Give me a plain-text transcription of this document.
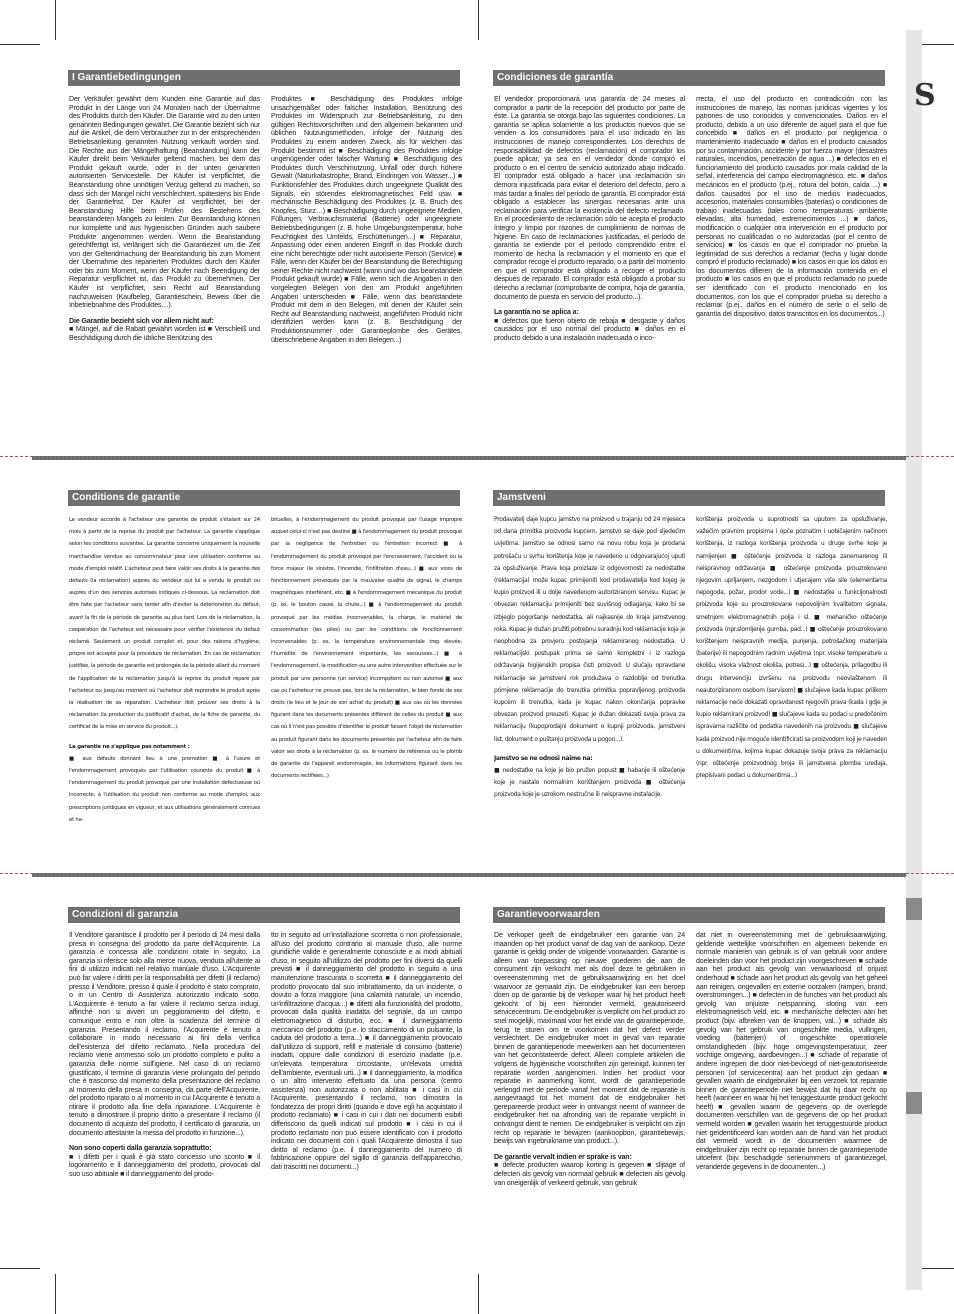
S
I Garantiebedingungen

Der Verkäufer gewährt dem Kunden eine Garantie auf das Produkt in der Länge von 24 Monaten nach der Übernahme des Produkts durch den Käufer. Die Garantie wird zu den unten genannten Bedingungen gewährt. Die Garantie bezieht sich nur auf die Artikel, die dem Verbraucher zur in der entsprechenden Betriebsanleitung genannten Nutzung verkauft worden sind. Die Rechte aus der Mängelhaftung (Beanstandung) kann der Käufer direkt beim Verkäufer geltend machen, bei dem das Produkt gekauft wurde, oder in der unten genannten autorisierten Servicestelle. Der Käufer ist verpflichtet, die Beanstandung ohne unnötigen Verzug geltend zu machen, so dass sich der Mangel nicht verschlechtert, spätestens bis Ende der Garantiefrist. Der Käufer ist verpflichtet, bei der Beanstandung Hilfe beim Prüfen des Bestehens des beanstandeten Mangels zu leisten. Zur Beanstandung können nur komplette und aus hygienischen Gründen auch saubere Produkte angenommen werden. Wenn die Beanstandung gerechtfertigt ist, verlängert sich die Garantiezeit um die Zeit von der Geltendmachung der Beanstandung bis zum Moment der Übernahme des reparierten Produktes durch den Käufer oder bis zum Moment, wenn der Käufer nach Beendigung der Reparatur verpflichtet ist, das Produkt zu übernehmen. Der Käufer ist verpflichtet, sein Recht auf Beanstandung nachzuweisen (Kaufbeleg, Garantieschein, Beweis über die Inbetriebnahme des Produktes…).

Die Garantie bezieht sich vor allem nicht auf:

■ Mängel, auf die Rabatt gewährt worden ist ■ Verschleiß und Beschädigung durch die übliche Benützung des

Produktes ■ Beschädigung des Produktes infolge unsachgemäßer oder falscher Installation, Benützung des Produktes im Widerspruch zur Betriebsanleitung, zu den gültigen Rechtsvorschriften und den allgemein bekannten und üblichen Nutzungsmethoden, infolge der Nutzung des Produktes zu einem anderen Zweck, als für welchen das Produkt bestimmt ist ■ Beschädigung des Produktes infolge ungenügender oder falscher Wartung ■ Beschädigung des Produktes durch Verschmutzung, Unfall oder durch höhere Gewalt (Naturkatastrophe, Brand, Eindringen von Wasser...) ■ Funktionsfehler des Produktes durch ungeeignete Qualität des Signals, ein störendes elektromagnetisches Feld usw. ■ mechanische Beschädigung des Produktes (z. B. Bruch des Knopfes, Sturz…) ■ Beschädigung durch ungeeignete Medien, Füllungen, Verbrauchsmaterial (Batterie) oder ungeeignete Betriebsbedingungen (z. B. hohe Umgebungstemperatur, hohe Feuchtigkeit des Umfelds, Erschütterungen...) ■ Reparatur, Anpassung oder einen anderen Eingriff in das Produkt durch eine nicht berechtigte oder nicht autorisierte Person (Service) ■ Fälle, wenn der Käufer bei der Beanstandung die Berechtigung seiner Rechte nicht nachweist (wann und wo das beanstandete Produkt gekauft wurde) ■ Fälle, wenn sich die Angaben in den vorgelegten Belegen von den am Produkt angeführten Angaben unterscheiden ■ Fälle, wenn das beanstandete Produkt mit dem in den Belegen, mit denen der Käufer sein Recht auf Beanstandung nachweist, angeführten Produkt nicht identifiziert werden kann (z. B. Beschädigung der Produktionsnummer oder Garantieplombe des Gerätes, überschriebene Angaben in den Belegen...)

Condiciones de garantía

El vendedor proporcionará una garantía de 24 meses al comprador a partir de la recepción del producto por parte de éste. La garantía se otorga bajo las siguientes condiciones. La garantía se aplica solamente a los productos nuevos que se venden a los consumidores para el uso indicado en las instrucciones de manejo correspondientes. Los derechos de responsabilidad de defectos (reclamación) el comprador los puede aplicar, ya sea en el vendedor donde compró el producto o en el centro de servicio autorizado abajo indicado. El comprador está obligado a hacer una reclamación sin demora injustificada para evitar el deterioro del defecto, pero a más tardar a finales del período de garantía. El comprador está obligado a establecer las sinergias necesarias ante una reclamación para verificar la existencia del defecto reclamado. En el procedimiento de reclamación sólo se acepta el producto íntegro y limpio por razones de cumplimiento de normas de higiene. En caso de reclamaciones justificadas, el período de garantía se extiende por el período comprendido entre el momento de hecha la reclamación y el momento en que el comprador recoge el producto reparado, o a partir del momento en que el comprador está obligado a recoger el producto después de reparado. El comprador está obligado a probar su derecho a reclamar (comprobante de compra, hoja de garantía, documento de puesta en servicio del producto...).

La garantía no se aplica a:

■ defectos que fueron objeto de rebaja ■ desgaste y daños causados por el uso normal del producto ■ daños en el producto debido a una instalación inadecuada o inco-

rrecta, el uso del producto en contradicción con las instrucciones de manejo, las normas jurídicas vigentes y los patrones de uso conocidos y convencionales. Daños en el producto, debido a un uso diferente de aquel para el que fue concebido ■ daños en el producto por negligencia o mantenimiento inadecuado ■ daños en el producto causados por su contaminación, accidente y por fuerza mayor (desastres naturales, incendios, penetración de agua ...) ■ defectos en el funcionamiento del producto causados por mala calidad de la señal, interferencia del campo electromagnético, etc. ■ daños mecánicos en el producto (p.ej., rotura del botón, caída ...) ■ daños causados por el uso de medios inadecuados, accesorios, materiales consumibles (baterías) o condiciones de trabajo inadecuadas (tales como temperaturas ambiente elevadas, alta humedad, estremecimientos ...) ■ daños, modificación o cualquier otra intervención en el producto por personas no cualificadas o no autorizadas (por el centro de servicios) ■ los casos en que el comprador no prueba la legitimidad de sus derechos a reclamar (fecha y lugar donde compró el producto reclamado) ■ los casos en que los datos en los documentos difieren de la información contenida en el producto ■ los casos en que el producto reclamado no puede ser identificado con el producto mencionado en los documentos, con los que el comprador prueba su derecho a reclamar (p.ej., daños en el número de serie o el sello de garantía del dispositivo, datos transcritos en los documentos...)

Conditions de garantie

Le vendeur accorde à l'acheteur une garantie de produit s'étalant sur 24 mois à partir de la reprise du produit par l'acheteur. La garantie s'applique selon les conditions suivantes. La garantie concerne uniquement la nouvelle marchandise vendue au consommateur pour une utilisation conforme au mode d'emploi relatif. L'acheteur peut faire valoir ses droits à la garantie des défauts (la réclamation) auprès du vendeur qui lui a vendu le produit ou auprès d'un des services autorisés indiqués ci-dessous. La réclamation doit être faite par l'acheteur sans tarder afin d'éviter la détérioration du défaut, avant la fin de la période de garantie au plus tard. Lors de la réclamation, la coopération de l'acheteur est nécessaire pour vérifier l'existence du défaut réclamé. Seulement un produit complet et, pour des raisons d'hygiène, propre est accepté pour la procédure de réclamation. En cas de réclamation justifiée, la période de garantie est prolongée de la période allant du moment de l'application de la réclamation jusqu'à la reprise du produit réparé par l'acheteur ou jusqu'au moment où l'acheteur doit reprendre le produit après la réalisation de sa réparation. L'acheteur doit prouver ses droits à la réclamation (la production du justificatif d'achat, de la fiche de garantie, du certificat de la mise en service du produit...).

La garantie ne s'applique pas notamment :

■ aux défauts donnant lieu à une promotion ■ à l'usure et l'endommagement provoqués par l'utilisation courante du produit ■ à l'endommagement du produit provoqué par une installation défectueuse où incorrecte, à l'utilisation du produit non conforme au mode d'emploi, aux prescriptions juridiques en vigueur, et aux utilisations généralement connues et ha-

bituelles, à l'endommagement du produit provoqué par l'usage impropre auquel celui-ci n'est pas destiné ■ à l'endommagement du produit provoqué par la négligence de l'entretien ou l'entretien incorrect ■ à l'endommagement du produit provoqué par l'encrassement, l'accident ou la force majeur (le sinistre, l'incendie, l'infiltration d'eau...) ■ aux vices de fonctionnement provoqués par la mauvaise qualité de signal, le champs magnétiques interférant, etc. ■ à l'endommagement mécanique du produit (p. ex. le bouton cassé, la chute...) ■ à l'endommagement du produit provoqué par les médias inconvenables, la charge, le matériel de consommation (les piles) ou par les conditions de fonctionnement inconvenables (p. ex. la température environnementale trop élevée, l'humidité de l'environnement importante, les secousses...) ■ à l'endommagement, la modification ou une autre intervention effectuée sur le produit par une personne (un service) incompétent ou non autorisé ■ aux cas où l'acheteur ne prouve pas, lors de la réclamation, le bien fondé de ses droits (le lieu et le jour de son achat du produit) ■ aux cas où les données figurant dans les documents présentés diffèrent de celles du produit ■ aux cas où il n'est pas possible d'identifier le produit faisant l'objet de réclamation au produit figurant dans les documents présentés par l'acheteur afin de faire valoir ses droits à la réclamation (p. ex. le numéro de référence ou le plomb de garantie de l'appareil endommagés, les informations figurant dans les documents rectifiées...)

Jamstveni

Prodavatelj daje kupcu jamstvo na proizvod u trajanju od 24 mjeseca od dana primitka proizvoda kupcem. Jamstvo se daje pod sljedećim uvjetima. Jamstvo se odnosi samo na novu robu koja je prodana potrošaču u svrhu korištenja koje je navedeno u odgovarajućoj uputi za opsluživanje. Prava koja proizlaze iz odgovornosti za nedostatke (reklamacija) može kupac primijeniti kod prodavatelja kod kojeg je kupio proizvod ili u dolje navedenom autoriziranom servisu. Kupac je obvezan reklamaciju primijeniti bez suvišnog odlaganja, kako bi se izbjeglo pogoršanje nedostatka, ali najkasnije do kraja jamstvenog roka. Kupac je dužan pružiti potrebnu suradnju kod reklamacije koja je neophodna za provjeru postojanja reklamiranog nedostatka. U reklamacijski postupak prima se samo kompletni i iz razloga održavanja higijenskih propisa čisti proizvod. U slučaju opravdane reklamacije se jamstveni rok produžava o razdoblje od trenutka primjene reklamacije do trenutka primitka popravljenog proizvoda kupcem ili trenutka, kada je kupac nakon okončanja popravke obvezan proizvod preuzeti. Kupac je dužan dokazati svoja prava za reklamaciju (kupoprodajni dokument o kupnji proizvoda, jamstveni list, dokument o puštanju proizvoda u pogon...).

Jamstvo se ne odnosi naime na:

■ nedostatke na koje je bio pružen popust ■ habanje ili oštećenje koje je nastalo normalnim korištenjem proizvoda ■ oštećenja proizvoda koje je uzrokom nestručne ili neispravne instalacije,

korištenja proizvoda u suprotnosti sa uputom za opsluživanje, važećim pravnim propisima i opće poznatim i uobičajenim načinom korištenja, iz razloga korištenja proizvoda u druge svrhe koje je namijenjen ■ oštećenje proizvoda iz razloga zanemarenog ili neispravnog održavanja ■ oštećenje proizvoda prouzrokovano njegovim uprljanjem, nezgodom i utjecajem više sile (elementarna nepogoda, požar, prodor vode...) ■ nedostatke u funkcijonalnosti proizvoda koje su prouzrokovane nepovoljnim kvalitetom signala, smetnjom elektromagnetnih polja i sl. ■ mehaničko oštećenje proizvoda (npr.slomljenje gumba, pad...) ■ oštećenje prouzrokovano korištenjem neispravnih medija, punjenja, potrošačkog materijala (baterije) ili nepogodnim radnim uvjetima (npr. visoke temperature u okolišu, visoka vlažnost okoliša, potresi...) ■ oštećenja, prilagodbu ili drugu intervenciju izvršenu na proizvodu neovlaštenom ili neautoriziranom osobom (servisom) ■ slučajeve kada kupac prilikom reklamacije neće dokazati opravdanost njegovih prava (kada i gdje je kupio reklamirani proizvod) ■ slučajeve kada su podaci u predočenim ispravama različite od podatka navedenih na proizvodu ■ slučajeve kada proizvod nije moguće identificirati sa proizvodom koji je naveden u dokumentima, kojima kupac dokazuje svoja prava za reklamaciju (npr. oštećenje proizvodnog broja ili jamstvena plomba uređaja, prepisivani podaci u dokumentima...)

Condizioni di garanzia

Il Venditore garantisce il prodotto per il periodo di 24 mesi dalla presa in consegna del prodotto da parte dell'Acquirente. La garanzia è concessa alle condizioni citate in seguito. La garanzia si riferisce solo alla merce nuova, venduta all'utente ai fini di utilizzo indicati nel relativo manuale d'uso. L'Acquirente può far valere i diritti per la responsabilità per difetti (il reclamo) presso il Venditore, presso il quale il prodotto è stato comprato, o in un Centro di Assistenza autorizzato indicato sotto. L'Acquirente è tenuto a far valere il reclamo senza indugi, affinché non si avveri un peggioramento del difetto, e comunque entro e non oltre la scadenza del termine di garanzia. Presentando il reclamo, l'Acquirente è tenuto a collaborare in modo necessario ai fini della verifica dell'esistenza del difetto reclamato. Nella procedura del reclamo viene ammesso solo un prodotto completo e pulito a garanzia delle norme sull'igiene. Nel caso di un reclamo giustificato, il termine di garanzia viene prolungato del periodo che è trascorso dal momento della presentazione del reclamo al momento della presa in consegna, da parte dell'Acquirente, del prodotto riparato o al momento in cui l'Acquirente è tenuto a ritirare il prodotto alla fine della riparazione. L'Acquirente è tenuto a dimostrare il proprio diritto a presentare il reclamo (il documento di acquisto del prodotto, il certificato di garanzia, un documento attestante la messa del prodotto in funzione...).

Non sono coperti dalla garanzia soprattutto:

■ i difetti per i quali è già stato concesso uno sconto ■ il logoramento e il danneggiamento del prodotto, provocati dal suo uso abituale ■ il danneggiamento del prodo-

tto in seguito ad un'installazione scorretta o non professionale, all'uso del prodotto contrario al manuale d'uso, alle norme giuridiche valide e generalmente conosciute e ai modi abituali d'uso, in seguito all'utilizzo del prodotto per fini diversi da quelli previsti ■ il danneggiamento del prodotto in seguito a una manutenzione trascurata o scorretta ■ il danneggiamento del prodotto provocato dal suo imbrattamento, da un incidente, o dovuto a forza maggiore (una calamità naturale, un incendio, un'infiltrazione d'acqua...) ■ difetti alla funzionalità del prodotto, provocati dalla qualità inadatta del segnale, da un campo elettromagnetico di disturbo, ecc. ■ il danneggiamento meccanico del prodotto (p.e. lo staccamento di un pulsante, la caduta del prodotto a terra...) ■ il danneggiamento provocato dall'utilizzo di supporti, refill e materiale di consumo (batterie) inadatti, oppure dalle condizioni di esercizio inadatte (p.e. un'elevata temperatura circostante, un'elevata umidità dell'ambiente, eventuali urti...) ■ il danneggiamento, la modifica o un altro intervento effettuato da una persona (centro assistenza) non autorizzata o non abilitata ■ i casi in cui l'Acquirente, presentando il reclamo, non dimostra la fondatezza dei propri diritti (quando e dove egli ha acquistato il prodotto reclamato) ■ i casi in cui i dati nei documenti esibiti differiscono da quelli indicati sul prodotto ■ i casi in cui il prodotto reclamato non può essere identificato con il prodotto indicato nei documenti con i quali l'Acquirente dimostra il suo diritto al reclamo (p.e. il danneggiamento del numero di fabbricazione oppure del sigillo di garanzia dell'apparecchio, dati trascritti nei documenti...)

Garantievoorwaarden

De verkoper geeft de eindgebruiker een garantie van 24 maanden op het product vanaf de dag van de aankoop. Deze garantie is geldig onder de volgende voorwaarden. Garantie is alleen van toepassing op nieuwe goederen die aan de consument zijn verkocht met als doel deze te gebruiken in overeenstemming met de gebruiksaanwijzing en het doel waarvoor ze gemaakt zijn. De eindgebruiker kan een beroep doen op de garantie bij de verkoper waar hij het product heeft gekocht of bij een hieronder vermeld, geautoriseerd servicecentrum. De eindgebruiker is verplicht om het product zo snel mogelijk, maximaal voor het einde van de garantieperiode, terug te sturen om te voorkomen dat het defect verder verslechtert. De eindgebruiker moet in geval van reparatie binnen de garantieperiode meewerken aan het documenteren van het geconstateerde defect. Alleen complete artikelen die volgens de hygiënische voorschriften zijn gereinigd, kunnen ter reparatie worden aangenomen. Indien het product voor reparatie in aanmerking komt, wordt de garantieperiode verlengd met de periode vanaf het moment dat de reparatie is aangevraagd tot het moment dat de eindgebruiker het gerepareerde product weer in ontvangst neemt of wanneer de eindgebruiker het na afronding van de reparatie verplicht in ontvangst dient te nemen. De eindgebruiker is verplicht om zijn recht op reparatie te bewijzen (aankoopbon, garantiebewijs, bewijs van ingebruikname van product...).

De garantie vervalt indien er sprake is van:

■ defecte producten waarop korting is gegeven ■ slijtage of defecten als gevolg van normaal gebruik ■ defecten als gevolg van oneigenlijk of verkeerd gebruik, van gebruik

dat niet in overeenstemming met de gebruiksaanwijzing, geldende wettelijke voorschriften en algemeen bekende en normale manieren van gebruik is of van gebruik voor andere doeleinden dan voor het product zijn voorgeschreven ■ schade aan het product als gevolg van verwaarloosd of onjuist onderhoud ■ schade aan het product als gevolg van het geheel aan reinigen, ongevallen en externe oorzaken (rampen, brand, overstromingen...) ■ defecten in de functies van het product als gevolg van onjuiste netspanning, storing van een elektromagnetisch veld, etc. ■ mechanische defecten aan het product (bijv. afbreken van de knoppen, val...) ■ schade als gevolg van het gebruik van ongeschikte media, vullingen, voeding (batterijen) of ongeschikte operationele omstandigheden (bijv. hoge omgevingstemperatuur, zeer vochtige omgeving, aardbevingen...) ■ schade of reparatie of andere ingrepen die door niet-bevoegd of niet-geautoriseerde personen (of servicecentra) aan het product zijn gedaan ■ gevallen waarin de eindgebruiker bij een verzoek tot reparatie binnen de garantieperiode niet bewijst dat hij daar recht op heeft (wanneer en waar hij het teruggestuurde product gekocht heeft) ■ gevallen waarin de gegevens op de overlegde documenten verschillen van de gegevens die op het product vermeld worden ■ gevallen waarin het teruggestuurde product niet geïdentificeerd kan worden aan de hand van het product dat vermeld wordt in de documenten waarmee de eindgebruiker zijn recht op reparatie binnen de garantieperiode uitoefent (bijv. beschadigde serienummers of garantiezegel, veranderde gegevens in de documenten...)
